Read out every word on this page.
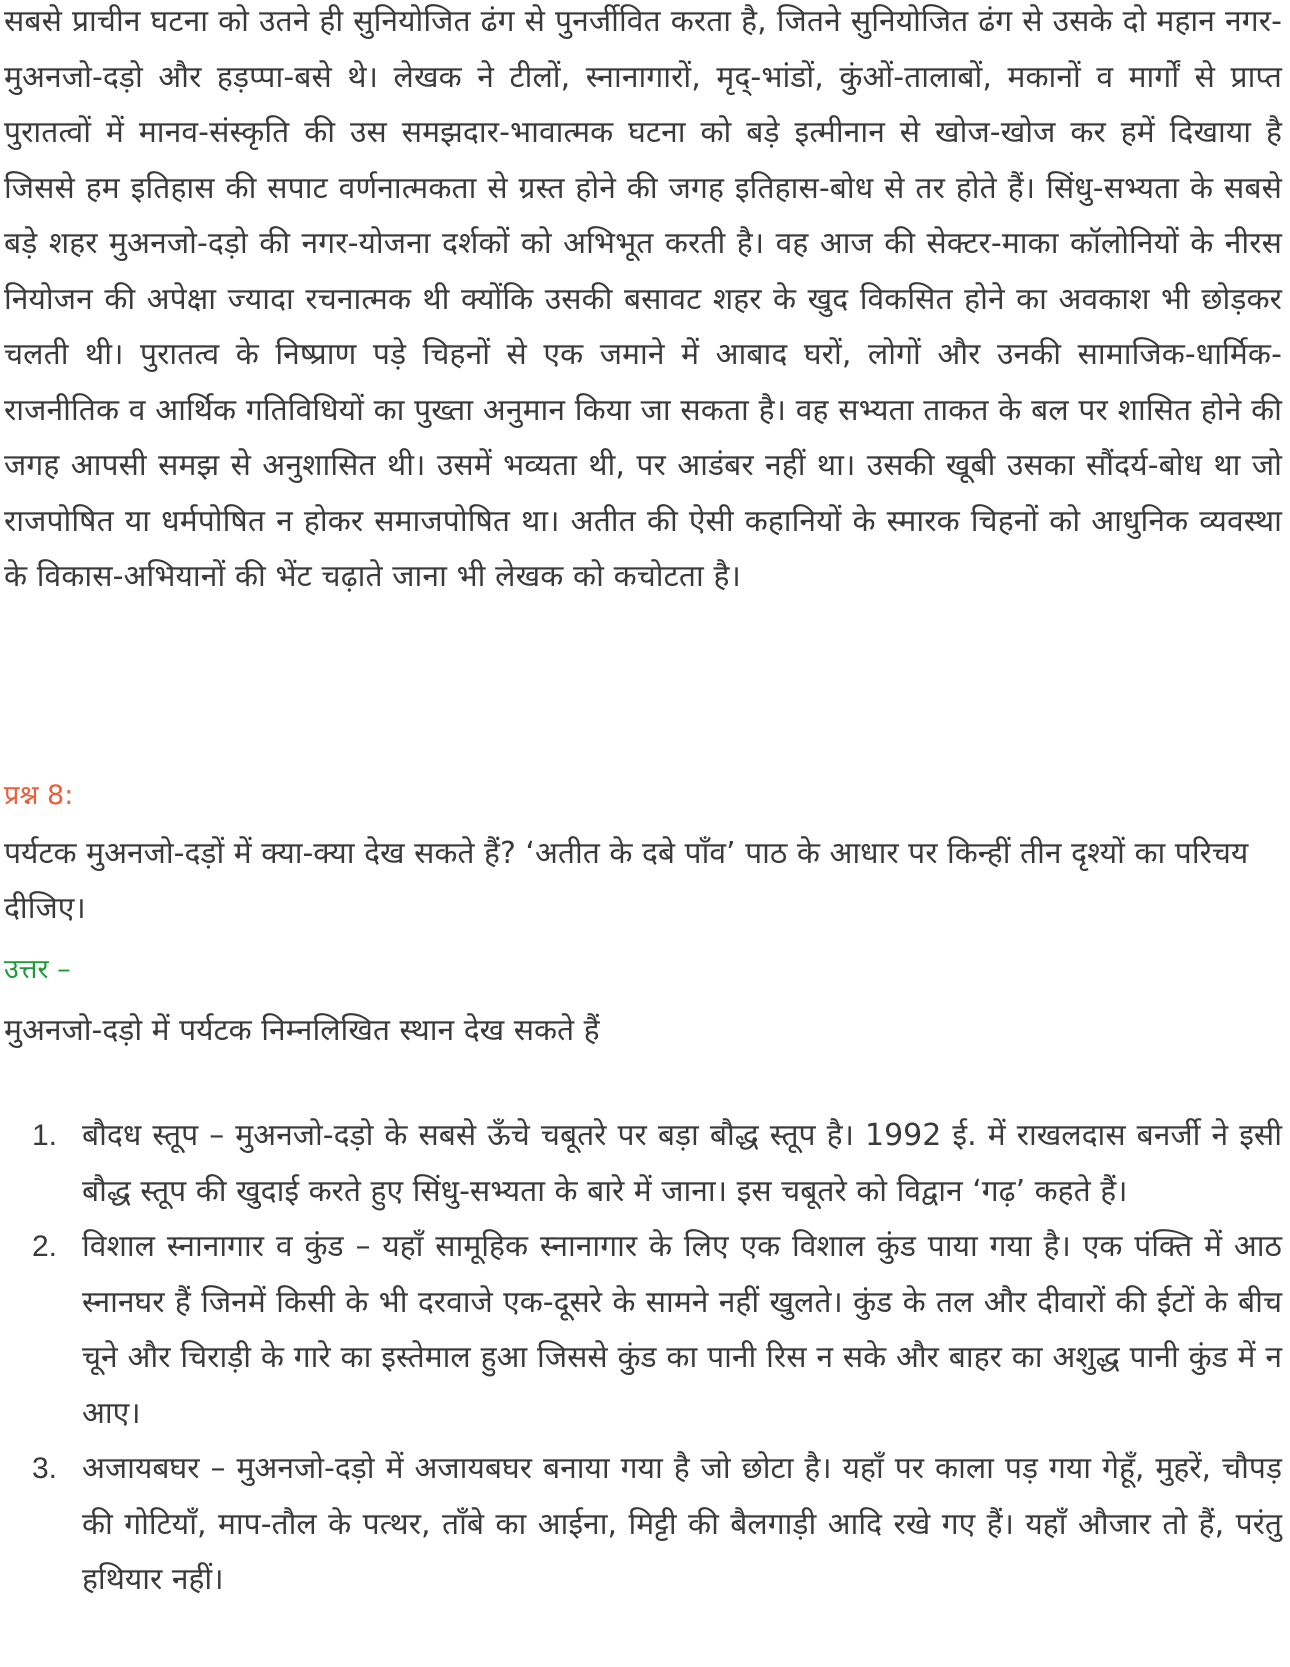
सबसे प्राचीन घटना को उतने ही सुनियोजित ढंग से पुनर्जीवित करता है, जितने सुनियोजित ढंग से उसके दो महान नगर-मुअनजो-दड़ो और हड़प्पा-बसे थे। लेखक ने टीलों, स्नानागारों, मृद्-भांडों, कुंओं-तालाबों, मकानों व मार्गों से प्राप्त पुरातत्वों में मानव-संस्कृति की उस समझदार-भावात्मक घटना को बड़े इत्मीनान से खोज-खोज कर हमें दिखाया है जिससे हम इतिहास की सपाट वर्णनात्मकता से ग्रस्त होने की जगह इतिहास-बोध से तर होते हैं। सिंधु-सभ्यता के सबसे बड़े शहर मुअनजो-दड़ो की नगर-योजना दर्शकों को अभिभूत करती है। वह आज की सेक्टर-माका कॉलोनियों के नीरस नियोजन की अपेक्षा ज्यादा रचनात्मक थी क्योंकि उसकी बसावट शहर के खुद विकसित होने का अवकाश भी छोड़कर चलती थी। पुरातत्व के निष्प्राण पड़े चिहनों से एक जमाने में आबाद घरों, लोगों और उनकी सामाजिक-धार्मिक-राजनीतिक व आर्थिक गतिविधियों का पुख्ता अनुमान किया जा सकता है। वह सभ्यता ताकत के बल पर शासित होने की जगह आपसी समझ से अनुशासित थी। उसमें भव्यता थी, पर आडंबर नहीं था। उसकी खूबी उसका सौंदर्य-बोध था जो राजपोषित या धर्मपोषित न होकर समाजपोषित था। अतीत की ऐसी कहानियों के स्मारक चिहनों को आधुनिक व्यवस्था के विकास-अभियानों की भेंट चढ़ाते जाना भी लेखक को कचोटता है।

प्रश्न 8:

पर्यटक मुअनजो-दड़ों में क्या-क्या देख सकते हैं? ‘अतीत के दबे पाँव’ पाठ के आधार पर किन्हीं तीन दृश्यों का परिचय दीजिए।

उत्तर –

मुअनजो-दड़ो में पर्यटक निम्नलिखित स्थान देख सकते हैं

1. बौदध स्तूप – मुअनजो-दड़ो के सबसे ऊँचे चबूतरे पर बड़ा बौद्ध स्तूप है। 1992 ई. में राखलदास बनर्जी ने इसी बौद्ध स्तूप की खुदाई करते हुए सिंधु-सभ्यता के बारे में जाना। इस चबूतरे को विद्वान ‘गढ़’ कहते हैं।
2. विशाल स्नानागार व कुंड – यहाँ सामूहिक स्नानागार के लिए एक विशाल कुंड पाया गया है। एक पंक्ति में आठ स्नानघर हैं जिनमें किसी के भी दरवाजे एक-दूसरे के सामने नहीं खुलते। कुंड के तल और दीवारों की ईटों के बीच चूने और चिराड़ी के गारे का इस्तेमाल हुआ जिससे कुंड का पानी रिस न सके और बाहर का अशुद्ध पानी कुंड में न आए।
3. अजायबघर – मुअनजो-दड़ो में अजायबघर बनाया गया है जो छोटा है। यहाँ पर काला पड़ गया गेहूँ, मुहरें, चौपड़ की गोटियाँ, माप-तौल के पत्थर, ताँबे का आईना, मिट्टी की बैलगाड़ी आदि रखे गए हैं। यहाँ औजार तो हैं, परंतु हथियार नहीं।
